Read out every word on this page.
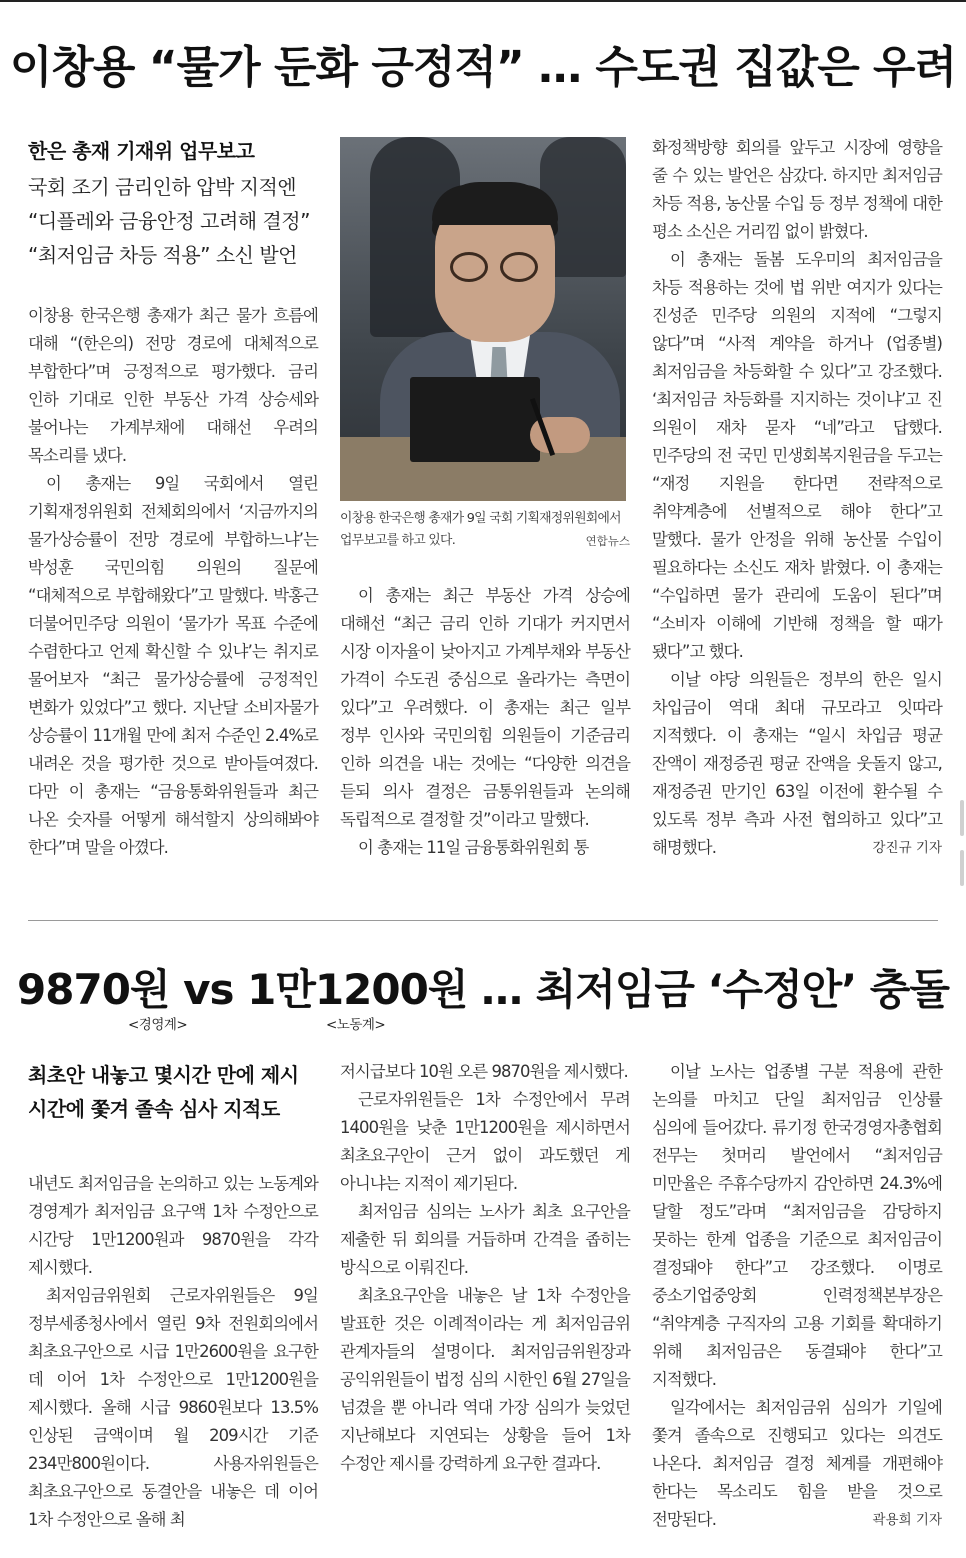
이창용 “물가 둔화 긍정적” … 수도권 집값은 우려
한은 총재 기재위 업무보고
국회 조기 금리인하 압박 지적엔
“디플레와 금융안정 고려해 결정”
“최저임금 차등 적용” 소신 발언

이창용 한국은행 총재가 최근 물가 흐름에 대해 “(한은의) 전망 경로에 대체적으로 부합한다”며 긍정적으로 평가했다. 금리 인하 기대로 인한 부동산 가격 상승세와 불어나는 가계부채에 대해선 우려의 목소리를 냈다.

이 총재는 9일 국회에서 열린 기획재정위원회 전체회의에서 ‘지금까지의 물가상승률이 전망 경로에 부합하느냐’는 박성훈 국민의힘 의원의 질문에 “대체적으로 부합해왔다”고 말했다. 박홍근 더불어민주당 의원이 ‘물가가 목표 수준에 수렴한다고 언제 확신할 수 있냐’는 취지로 물어보자 “최근 물가상승률에 긍정적인 변화가 있었다”고 했다. 지난달 소비자물가 상승률이 11개월 만에 최저 수준인 2.4%로 내려온 것을 평가한 것으로 받아들여졌다. 다만 이 총재는 “금융통화위원들과 최근 나온 숫자를 어떻게 해석할지 상의해봐야 한다”며 말을 아꼈다.

이창용 한국은행 총재가 9일 국회 기획재정위원회에서 업무보고를 하고 있다.	연합뉴스

이 총재는 최근 부동산 가격 상승에 대해선 “최근 금리 인하 기대가 커지면서 시장 이자율이 낮아지고 가계부채와 부동산 가격이 수도권 중심으로 올라가는 측면이 있다”고 우려했다. 이 총재는 최근 일부 정부 인사와 국민의힘 의원들이 기준금리 인하 의견을 내는 것에는 “다양한 의견을 듣되 의사 결정은 금통위원들과 논의해 독립적으로 결정할 것”이라고 말했다.

이 총재는 11일 금융통화위원회 통

화정책방향 회의를 앞두고 시장에 영향을 줄 수 있는 발언은 삼갔다. 하지만 최저임금 차등 적용, 농산물 수입 등 정부 정책에 대한 평소 소신은 거리낌 없이 밝혔다.

이 총재는 돌봄 도우미의 최저임금을 차등 적용하는 것에 법 위반 여지가 있다는 진성준 민주당 의원의 지적에 “그렇지 않다”며 “사적 계약을 하거나 (업종별) 최저임금을 차등화할 수 있다”고 강조했다. ‘최저임금 차등화를 지지하는 것이냐’고 진 의원이 재차 묻자 “네”라고 답했다. 민주당의 전 국민 민생회복지원금을 두고는 “재정 지원을 한다면 전략적으로 취약계층에 선별적으로 해야 한다”고 말했다. 물가 안정을 위해 농산물 수입이 필요하다는 소신도 재차 밝혔다. 이 총재는 “수입하면 물가 관리에 도움이 된다”며 “소비자 이해에 기반해 정책을 할 때가 됐다”고 했다.

이날 야당 의원들은 정부의 한은 일시 차입금이 역대 최대 규모라고 잇따라 지적했다. 이 총재는 “일시 차입금 평균 잔액이 재정증권 평균 잔액을 웃돌지 않고, 재정증권 만기인 63일 이전에 환수될 수 있도록 정부 측과 사전 협의하고 있다”고 해명했다.	강진규 기자

9870원 vs 1만1200원 … 최저임금 ‘수정안’ 충돌
<경영계>	<노동계>
최초안 내놓고 몇시간 만에 제시
시간에 쫓겨 졸속 심사 지적도

내년도 최저임금을 논의하고 있는 노동계와 경영계가 최저임금 요구액 1차 수정안으로 시간당 1만1200원과 9870원을 각각 제시했다.

최저임금위원회 근로자위원들은 9일 정부세종청사에서 열린 9차 전원회의에서 최초요구안으로 시급 1만2600원을 요구한 데 이어 1차 수정안으로 1만1200원을 제시했다. 올해 시급 9860원보다 13.5% 인상된 금액이며 월 209시간 기준 234만800원이다. 사용자위원들은 최초요구안으로 동결안을 내놓은 데 이어 1차 수정안으로 올해 최

저시급보다 10원 오른 9870원을 제시했다.

근로자위원들은 1차 수정안에서 무려 1400원을 낮춘 1만1200원을 제시하면서 최초요구안이 근거 없이 과도했던 게 아니냐는 지적이 제기된다.

최저임금 심의는 노사가 최초 요구안을 제출한 뒤 회의를 거듭하며 간격을 좁히는 방식으로 이뤄진다.

최초요구안을 내놓은 날 1차 수정안을 발표한 것은 이례적이라는 게 최저임금위 관계자들의 설명이다. 최저임금위원장과 공익위원들이 법정 심의 시한인 6월 27일을 넘겼을 뿐 아니라 역대 가장 심의가 늦었던 지난해보다 지연되는 상황을 들어 1차 수정안 제시를 강력하게 요구한 결과다.

이날 노사는 업종별 구분 적용에 관한 논의를 마치고 단일 최저임금 인상률 심의에 들어갔다. 류기정 한국경영자총협회 전무는 첫머리 발언에서 “최저임금 미만율은 주휴수당까지 감안하면 24.3%에 달할 정도”라며 “최저임금을 감당하지 못하는 한계 업종을 기준으로 최저임금이 결정돼야 한다”고 강조했다. 이명로 중소기업중앙회 인력정책본부장은 “취약계층 구직자의 고용 기회를 확대하기 위해 최저임금은 동결돼야 한다”고 지적했다.

일각에서는 최저임금위 심의가 기일에 쫓겨 졸속으로 진행되고 있다는 의견도 나온다. 최저임금 결정 체계를 개편해야 한다는 목소리도 힘을 받을 것으로 전망된다.	곽용희 기자
